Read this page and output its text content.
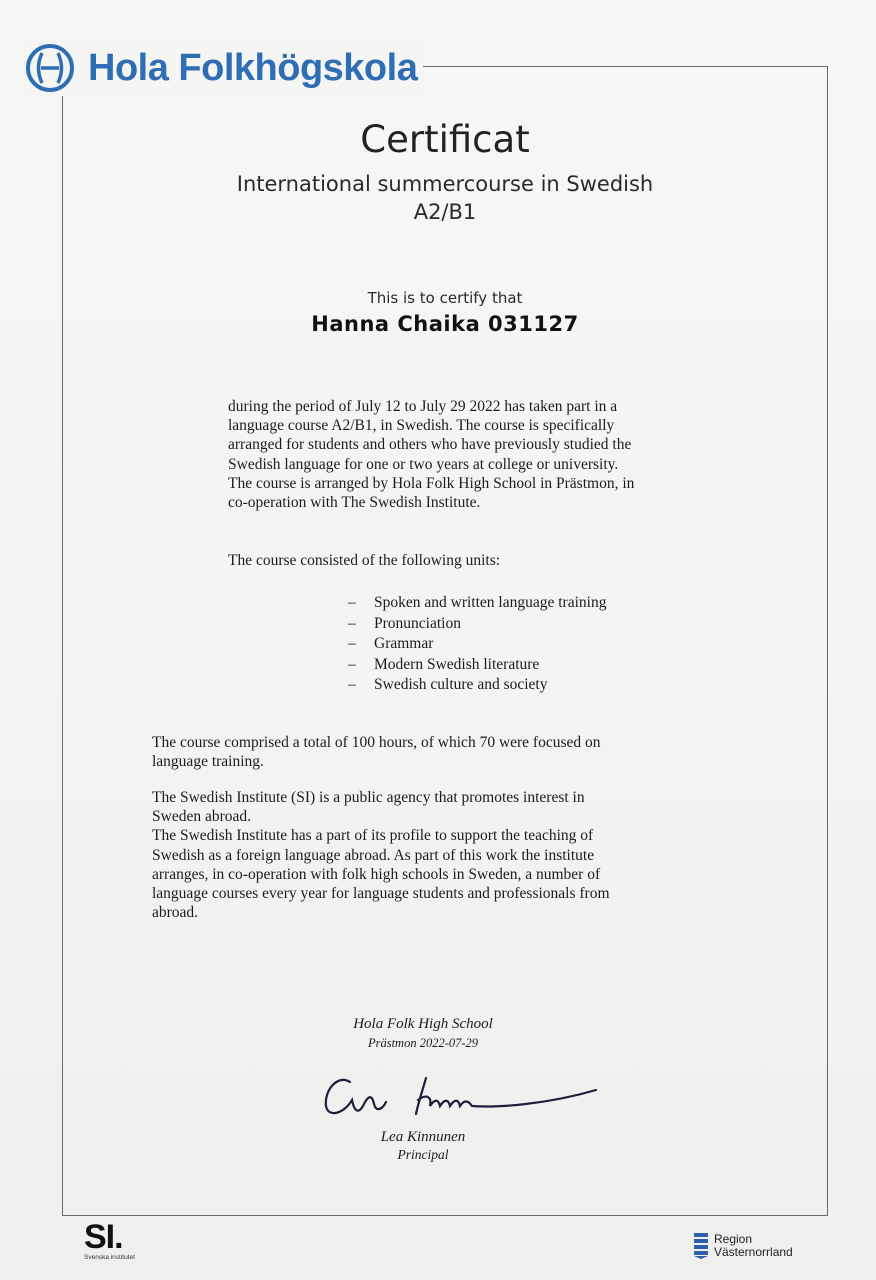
Hola Folkhögskola
Certificat
International summercourse in Swedish
A2/B1
This is to certify that
Hanna Chaika 031127

during the period of July 12 to July 29 2022 has taken part in a
language course A2/B1, in Swedish. The course is specifically
arranged for students and others who have previously studied the
Swedish language for one or two years at college or university.
The course is arranged by Hola Folk High School in Prästmon, in
co-operation with The Swedish Institute.

The course consisted of the following units:

– Spoken and written language training
– Pronunciation
– Grammar
– Modern Swedish literature
– Swedish culture and society

The course comprised a total of 100 hours, of which 70 were focused on
language training.

The Swedish Institute (SI) is a public agency that promotes interest in
Sweden abroad.
The Swedish Institute has a part of its profile to support the teaching of
Swedish as a foreign language abroad. As part of this work the institute
arranges, in co-operation with folk high schools in Sweden, a number of
language courses every year for language students and professionals from
abroad.

Hola Folk High School
Prästmon 2022-07-29
Lea Kinnunen
Principal
SI.
Svenska institutet
Region
Västernorrland
